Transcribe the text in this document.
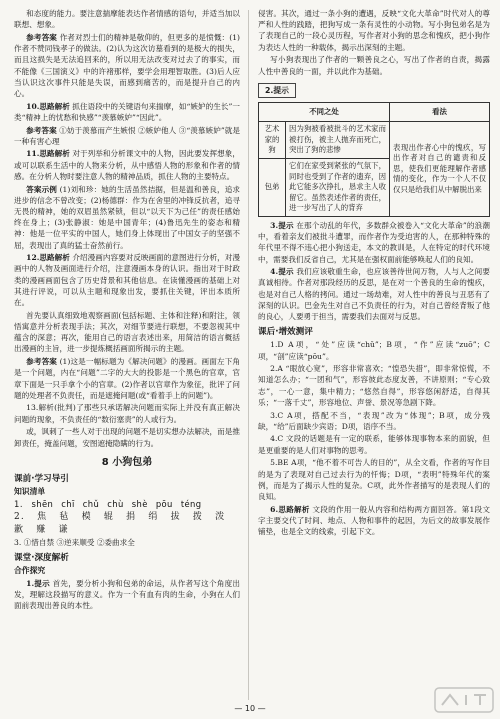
和态度的能力。要注意揣摩能表达作者情感的语句，并适当加以联想、想象。

参考答案 作者对烈士们的精神是敬仰的，但更多的是愤慨：(1)作者不赞同钱孝子的做法。(2)认为这次访墓看到的是极大的损失，而且这损失是无法追回来的，所以用无法改变对过去了的事实，而不能像《三国演义》中的许褚那样，要学会用理智取胜。(3)后人应当认识这次事件只能是失误，而感到痛苦的，而是提升自己的内心。

10.思路解析 抓住语段中的关键语句来揣摩，如“嫉妒的生长”一类“精神上的忧愁和快感”“羡慕嫉妒”“因此”。

参考答案 ①妨于羡慕而产生嫉恨 ②嫉妒他人 ③“羡慕嫉妒”就是一种有害心理

11.思路解析 对于列举和分析课文中的人物，因此要发挥想象，或可以联系生活中的人物来分析，从中感悟人物的形象和作者的情感。在分析人物时要注意人物的精神品质，抓住人物的主要特点。

答案示例 (1)刘和珍：她的生活虽然拮据，但是温和善良，追求进步的信念不曾改变；(2)杨德群：作为在舍里的冲锋反抗者，追寻无畏的精神，她的双眉虽然紧锁，但以“以天下为己任”的责任感始终在身上；(3)张静淑：她是中国青年；(4)鲁迅先生的姿态和精神：他是一位平实的中国人，她们身上体现出了中国女子的坚强不屈，表现出了真的猛士奋然前行。

12.思路解析 介绍漫画内容要对反映画面的意图进行分析，对漫画中的人物及画面进行介绍，注意漫画本身的认识。指出对于时政类的漫画画面包含了历史背景和其他信息。在读懂漫画的基础上对其进行评说，可以从主题和现象出发，要抓住关键，评出本质所在。

首先要认真细致地观察画面(包括标题、主体和注释)和附注，领悟寓意并分析表现手法；其次，对细节要进行联想，不要忽视其中蕴含的深意；再次，能用自己的语言表述出来，用简洁的语言概括出漫画的主旨，进一步提炼概括画面所揭示的主题。

参考答案 (1)这是一幅标题为《解决问题》的漫画。画面左下角是一个问题，内在“问题”二字的大大的投影是一个黑色的官章，官章下面是一只手拿个小的官章。(2)作者以官章作为象征，批评了问题的处理者不负责任，而是遮掩问题(或“看着手上的问题”)。

13.解析(批判)了那些只承诺解决问题而实际上并没有真正解决问题的现象，不负责任的“数衍塞责”的人或行为。

或，讽刺了一些人对于出现的问题不是切实想办法解决，而是推卸责任，掩盖问题，安图遮掩隐瞒的行为。

8 小狗包弟
课前·学习导引
知识清单
1. shēn chī chǔ chù shè pōu téng
2. 焦 毡 模 辊 捐 绢 拔 拨 泼 歉 赚 谦

3. ①惜自禁 ③逆来顺受 ②委曲求全

课堂·深度解析
合作探究

1.提示 首先，要分析小狗和包弟的命运，从作者写这个角度出发，理解这段描写的意义。作为一个有血有肉的生命，小狗在人们面前表现出善良的本性。

侵害。其次，通过一条小狗的遭遇，反映“文化大革命”时代对人的尊严和人性的践踏，把狗写成一条有灵性的小动物。写小狗包弟名是为了表现自己的一段心灵历程，写作者对小狗的思念和愧疚，把小狗作为表达人性的一种载体，揭示出深刻的主题。

写小狗表现出了作者的一颗善良之心，写出了作者的自责，揭露人性中善良的一面，并以此作为基础。

2.提示
不同之处		看法
艺术家的狗	因为狗被看被批斗的艺术家而被打伤，被主人抛弃而死亡，突出了狗的悲惨	表现出作者心中的愧疚，写出作者对自己的谴责和反思，使我们更能理解作者感情的变化，作为一个人不仅仅只是给我们从中解脱出来
包弟	它们在家受到紧张的气氛下，同时也受到了作者的遗弃，因此它能多次挣扎，恳求主人收留它。虽然表述作者的责任，进一步写出了人的背弃	

3.提示 在那个动乱的年代，多数群众被卷入“文化大革命”的浪潮中，看着亲友们被批斗遭罪，而作者作为受迫害的人，在那种特殊的年代里不得不违心把小狗送走，本文的教训是，人在特定的时代环境中，需要我们反省自己，尤其是在强权面前能够唤起人们的良知。

4.提示 我们应该敬重生命，也应该善待世间万物，人与人之间要真诚相待。作者对那段经历的反思，是在对一个善良的生命的愧疚，也是对自己人格的拷问。通过一场劫难，对人性中的善良与丑恶有了深刻的认识。巴金先生对自己不负责任的行为，对自己曾经背叛了他的良心，人要勇于担当，需要我们去面对与反思。

课后·增效测评

1.D A项，“处”应读“chǔ”；B项，“作”应读“zuō”；C项，“剖”应读“pōu”。

2.A “眼放心宽”，形容非常喜欢；“惶恐失措”，即非常惊慌，不知道怎么办；“一团和气”，形容彼此态度友善，不讲原则；“专心致志”，一心一意，集中精力；“悠然自得”，形容悠闲舒适，自得其乐；“一落千丈”，形容地位、声誉、景况等急剧下降。

3.C A项，搭配不当，“表现”改为“体现”；B项，成分残缺，“给”后面缺少宾语；D项，语序不当。

4.C 文段的话题是有一定的联系，能够体现事物本来的面貌，但是更重要的是人们对事物的思考。

5.BE A项，“他不着不可告人的目的”，从全文看，作者的写作目的是为了表现对自己过去行为的忏悔；D项，“表明”特殊年代的案例，而是为了揭示人性的复杂。C项，此外作者描写的是表现人们的良知。

6.思路解析 文段的作用一般从内容和结构两方面回答。第1段文字主要交代了时间、地点、人物和事件的起因，为后文的故事发展作铺垫，也是全文的线索，引起下文。

— 10 —
